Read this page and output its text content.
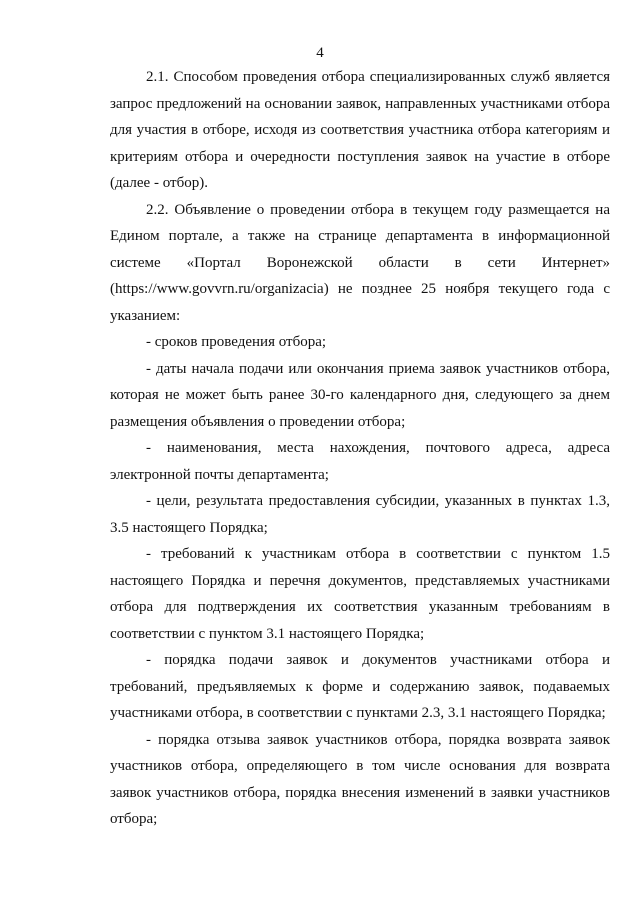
4

2.1. Способом проведения отбора специализированных служб является запрос предложений на основании заявок, направленных участниками отбора для участия в отборе, исходя из соответствия участника отбора категориям и критериям отбора и очередности поступления заявок на участие в отборе (далее - отбор).

2.2. Объявление о проведении отбора в текущем году размещается на Едином портале, а также на странице департамента в информационной системе «Портал Воронежской области в сети Интернет» (https://www.govvrn.ru/organizacia) не позднее 25 ноября текущего года с указанием:

- сроков проведения отбора;

- даты начала подачи или окончания приема заявок участников отбора, которая не может быть ранее 30-го календарного дня, следующего за днем размещения объявления о проведении отбора;

- наименования, места нахождения, почтового адреса, адреса электронной почты департамента;

- цели, результата предоставления субсидии, указанных в пунктах 1.3, 3.5 настоящего Порядка;

- требований к участникам отбора в соответствии с пунктом 1.5 настоящего Порядка и перечня документов, представляемых участниками отбора для подтверждения их соответствия указанным требованиям в соответствии с пунктом 3.1 настоящего Порядка;

- порядка подачи заявок и документов участниками отбора и требований, предъявляемых к форме и содержанию заявок, подаваемых участниками отбора, в соответствии с пунктами 2.3, 3.1 настоящего Порядка;

- порядка отзыва заявок участников отбора, порядка возврата заявок участников отбора, определяющего в том числе основания для возврата заявок участников отбора, порядка внесения изменений в заявки участников отбора;
